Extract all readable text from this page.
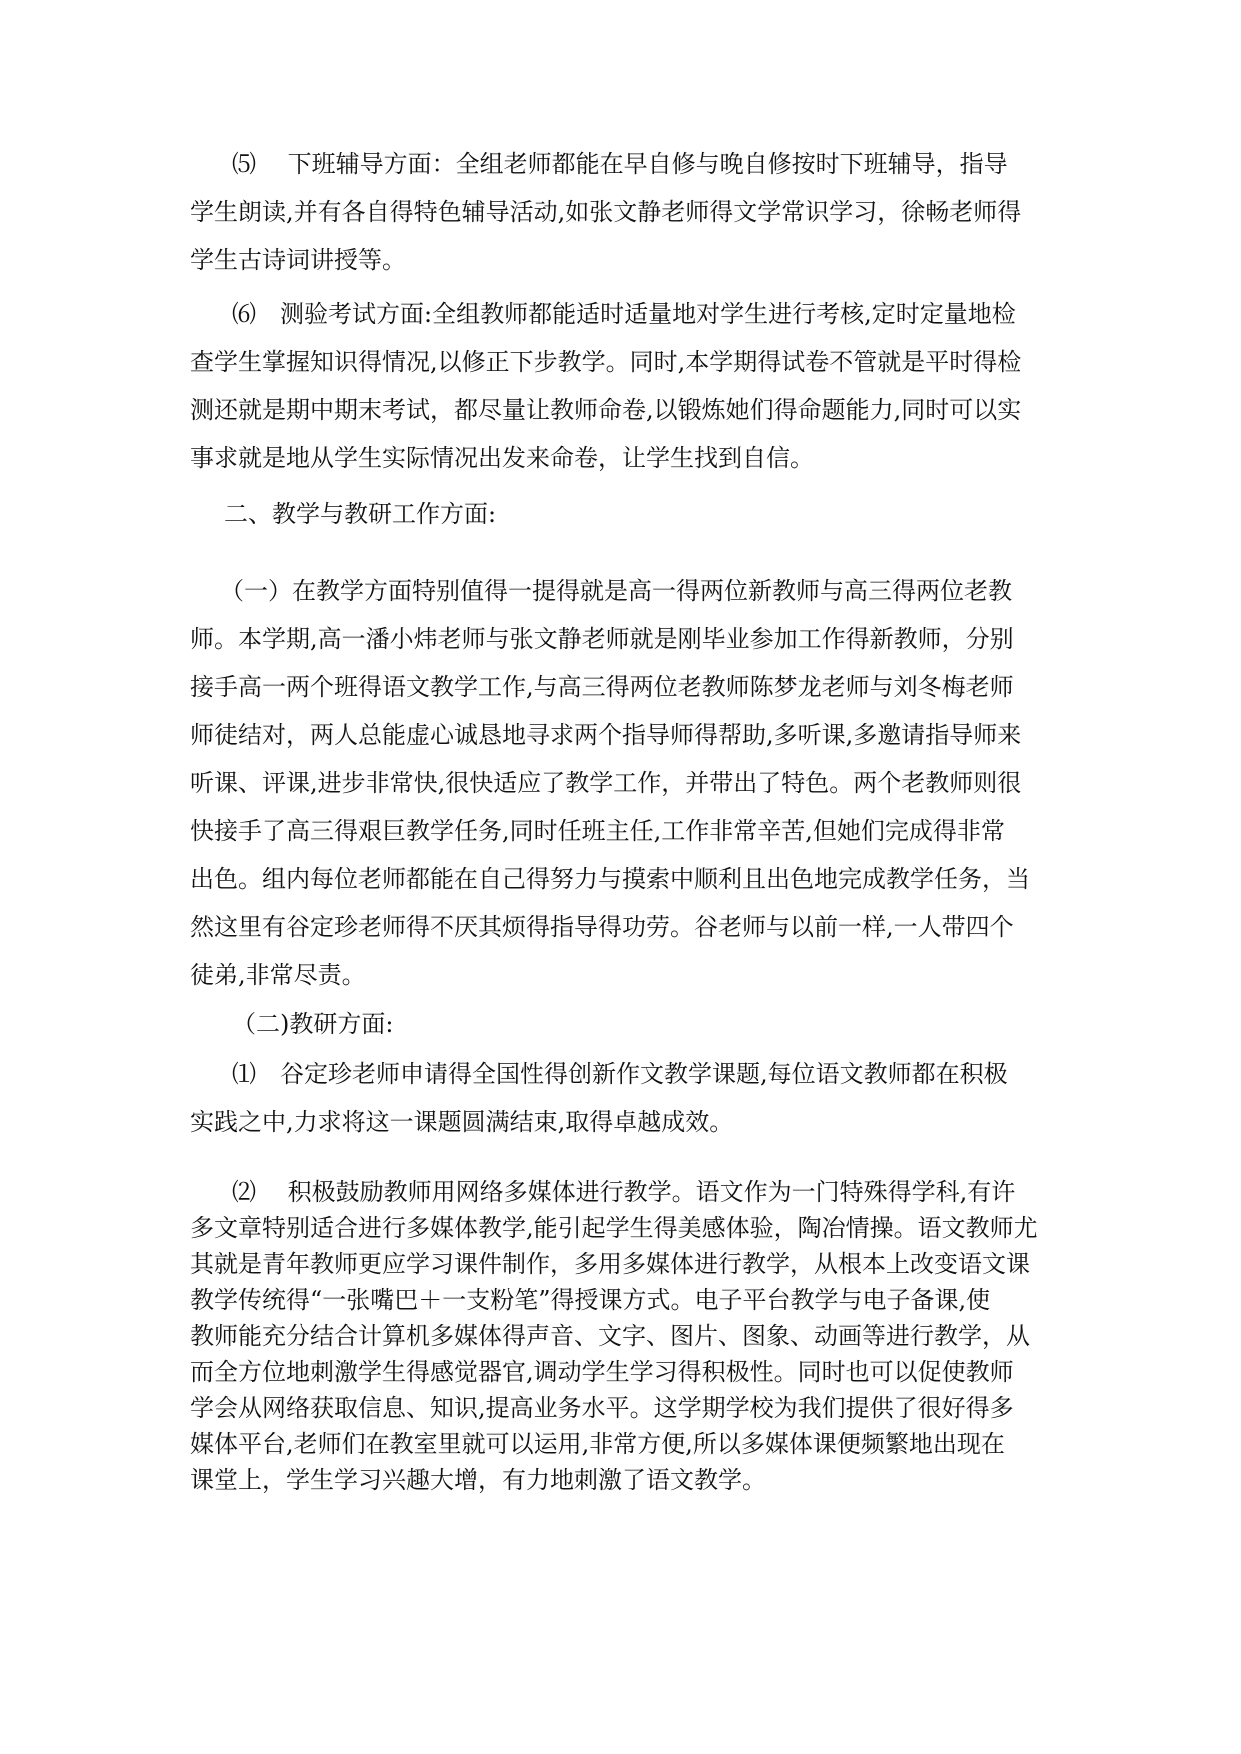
⑸　 下班辅导方面：全组老师都能在早自修与晚自修按时下班辅导，指导
学生朗读,并有各自得特色辅导活动,如张文静老师得文学常识学习，徐畅老师得
学生古诗词讲授等。
⑹　测验考试方面:全组教师都能适时适量地对学生进行考核,定时定量地检
查学生掌握知识得情况,以修正下步教学。同时,本学期得试卷不管就是平时得检
测还就是期中期末考试，都尽量让教师命卷,以锻炼她们得命题能力,同时可以实
事求就是地从学生实际情况出发来命卷，让学生找到自信。
二、教学与教研工作方面:
（一）在教学方面特别值得一提得就是高一得两位新教师与高三得两位老教
师。本学期,高一潘小炜老师与张文静老师就是刚毕业参加工作得新教师，分别
接手高一两个班得语文教学工作,与高三得两位老教师陈梦龙老师与刘冬梅老师
师徒结对，两人总能虚心诚恳地寻求两个指导师得帮助,多听课,多邀请指导师来
听课、评课,进步非常快,很快适应了教学工作，并带出了特色。两个老教师则很
快接手了高三得艰巨教学任务,同时任班主任,工作非常辛苦,但她们完成得非常
出色。组内每位老师都能在自己得努力与摸索中顺利且出色地完成教学任务，当
然这里有谷定珍老师得不厌其烦得指导得功劳。谷老师与以前一样,一人带四个
徒弟,非常尽责。
（二)教研方面:
⑴　谷定珍老师申请得全国性得创新作文教学课题,每位语文教师都在积极
实践之中,力求将这一课题圆满结束,取得卓越成效。
⑵　 积极鼓励教师用网络多媒体进行教学。语文作为一门特殊得学科,有许
多文章特别适合进行多媒体教学,能引起学生得美感体验，陶冶情操。语文教师尤
其就是青年教师更应学习课件制作，多用多媒体进行教学，从根本上改变语文课
教学传统得“一张嘴巴＋一支粉笔”得授课方式。电子平台教学与电子备课,使
教师能充分结合计算机多媒体得声音、文字、图片、图象、动画等进行教学，从
而全方位地刺激学生得感觉器官,调动学生学习得积极性。同时也可以促使教师
学会从网络获取信息、知识,提高业务水平。这学期学校为我们提供了很好得多
媒体平台,老师们在教室里就可以运用,非常方便,所以多媒体课便频繁地出现在
课堂上，学生学习兴趣大增，有力地刺激了语文教学。
